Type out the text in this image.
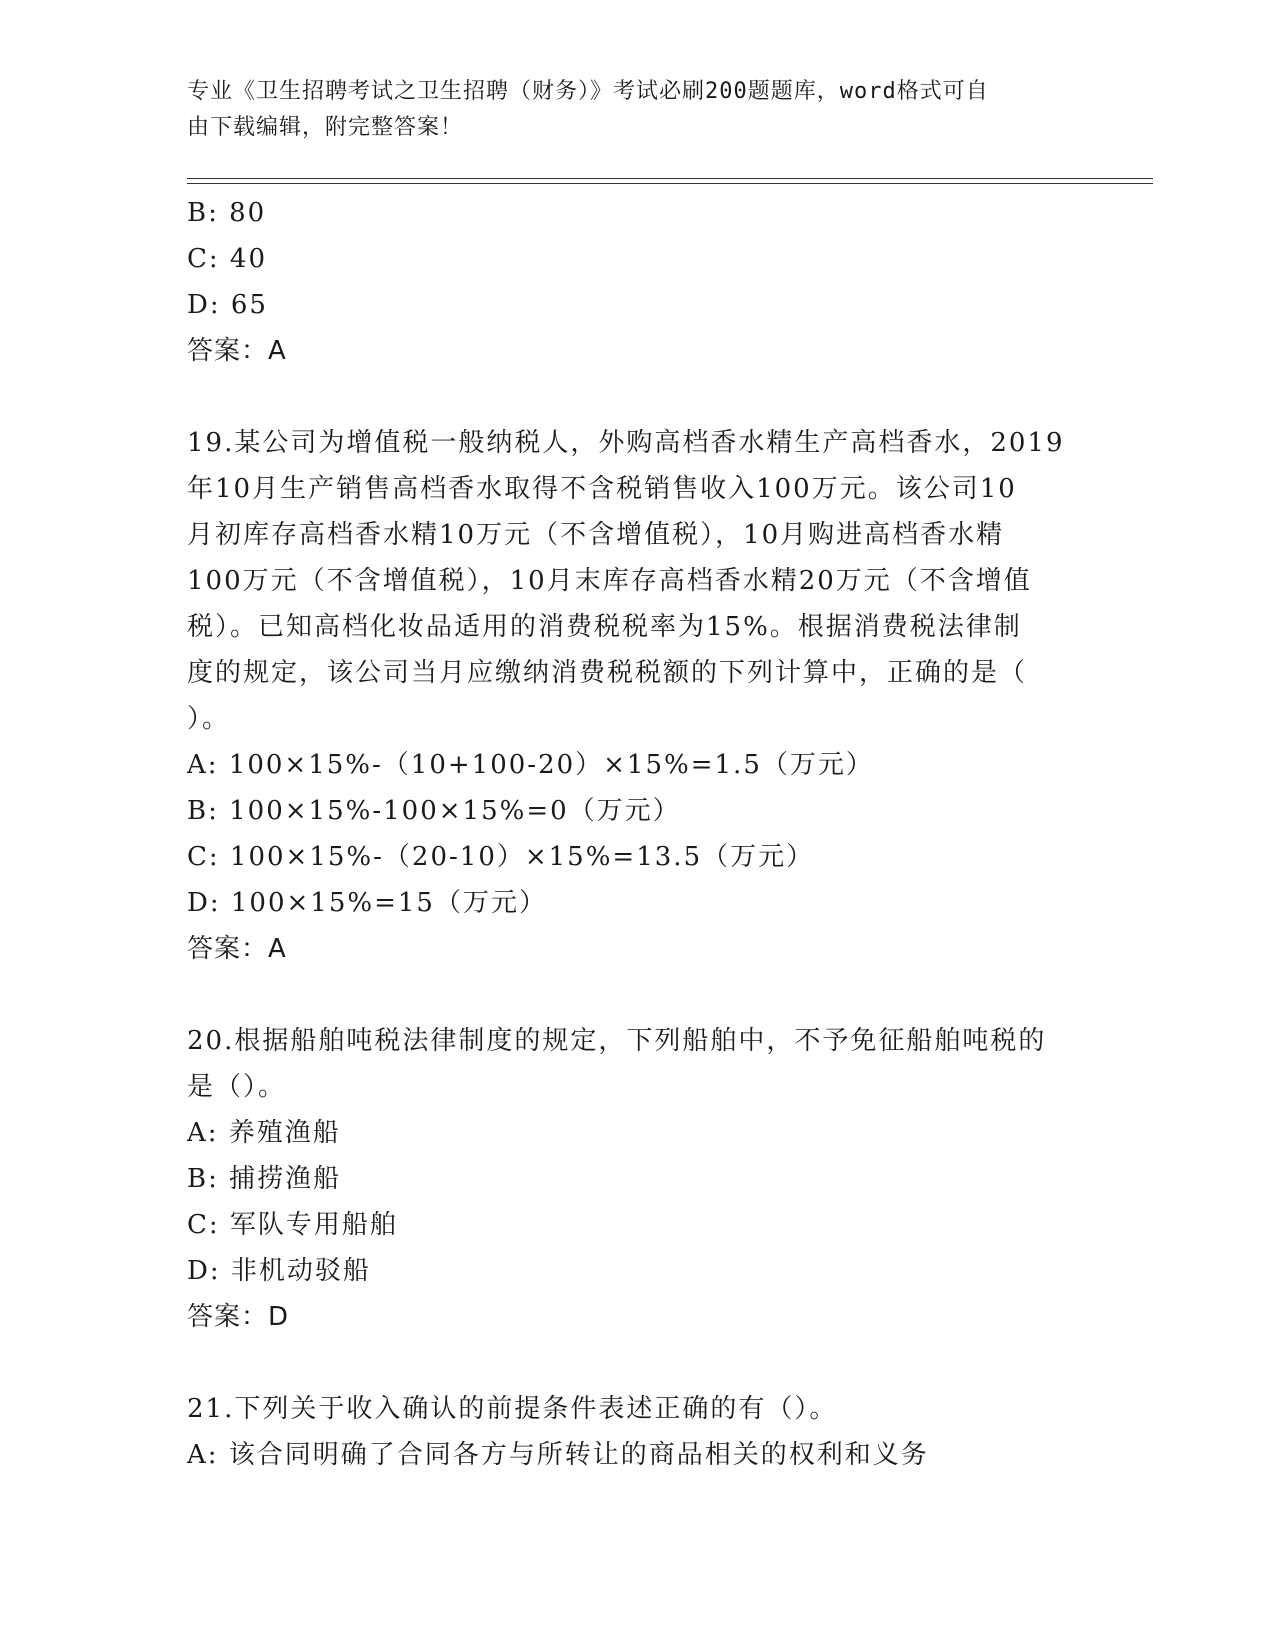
专业《卫生招聘考试之卫生招聘（财务）》考试必刷200题题库，word格式可自
由下载编辑，附完整答案！
B: 80
C: 40
D: 65
答案：A
19.某公司为增值税一般纳税人，外购高档香水精生产高档香水，2019
年10月生产销售高档香水取得不含税销售收入100万元。该公司10
月初库存高档香水精10万元（不含增值税），10月购进高档香水精
100万元（不含增值税），10月末库存高档香水精20万元（不含增值
税）。已知高档化妆品适用的消费税税率为15%。根据消费税法律制
度的规定，该公司当月应缴纳消费税税额的下列计算中，正确的是（
）。
A: 100×15%-（10+100-20）×15%=1.5（万元）
B: 100×15%-100×15%=0（万元）
C: 100×15%-（20-10）×15%=13.5（万元）
D: 100×15%=15（万元）
答案：A
20.根据船舶吨税法律制度的规定，下列船舶中，不予免征船舶吨税的
是（）。
A: 养殖渔船
B: 捕捞渔船
C: 军队专用船舶
D: 非机动驳船
答案：D
21.下列关于收入确认的前提条件表述正确的有（）。
A: 该合同明确了合同各方与所转让的商品相关的权利和义务
